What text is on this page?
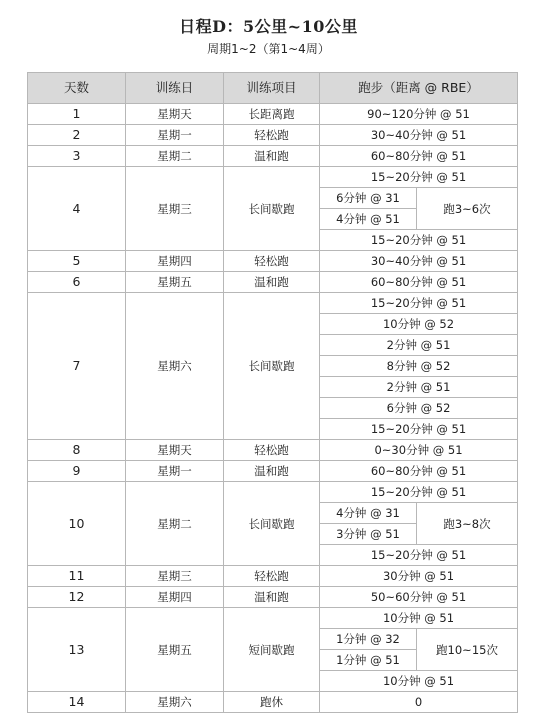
日程D：5公里~10公里
周期1~2（第1~4周）
天数	训练日	训练项目	跑步（距离 @ RBE）	
1	星期天	长距离跑	90~120分钟 @ 51	
2	星期一	轻松跑	30~40分钟 @ 51	
3	星期二	温和跑	60~80分钟 @ 51	
4	星期三	长间歇跑	15~20分钟 @ 51	
			6分钟 @ 31	跑3~6次
			4分钟 @ 51	
			15~20分钟 @ 51	
5	星期四	轻松跑	30~40分钟 @ 51	
6	星期五	温和跑	60~80分钟 @ 51	
7	星期六	长间歇跑	15~20分钟 @ 51	
			10分钟 @ 52	
			2分钟 @ 51	
			8分钟 @ 52	
			2分钟 @ 51	
			6分钟 @ 52	
			15~20分钟 @ 51	
8	星期天	轻松跑	0~30分钟 @ 51	
9	星期一	温和跑	60~80分钟 @ 51	
10	星期二	长间歇跑	15~20分钟 @ 51	
			4分钟 @ 31	跑3~8次
			3分钟 @ 51	
			15~20分钟 @ 51	
11	星期三	轻松跑	30分钟 @ 51	
12	星期四	温和跑	50~60分钟 @ 51	
13	星期五	短间歇跑	10分钟 @ 51	
			1分钟 @ 32	跑10~15次
			1分钟 @ 51	
			10分钟 @ 51	
14	星期六	跑休	0	
